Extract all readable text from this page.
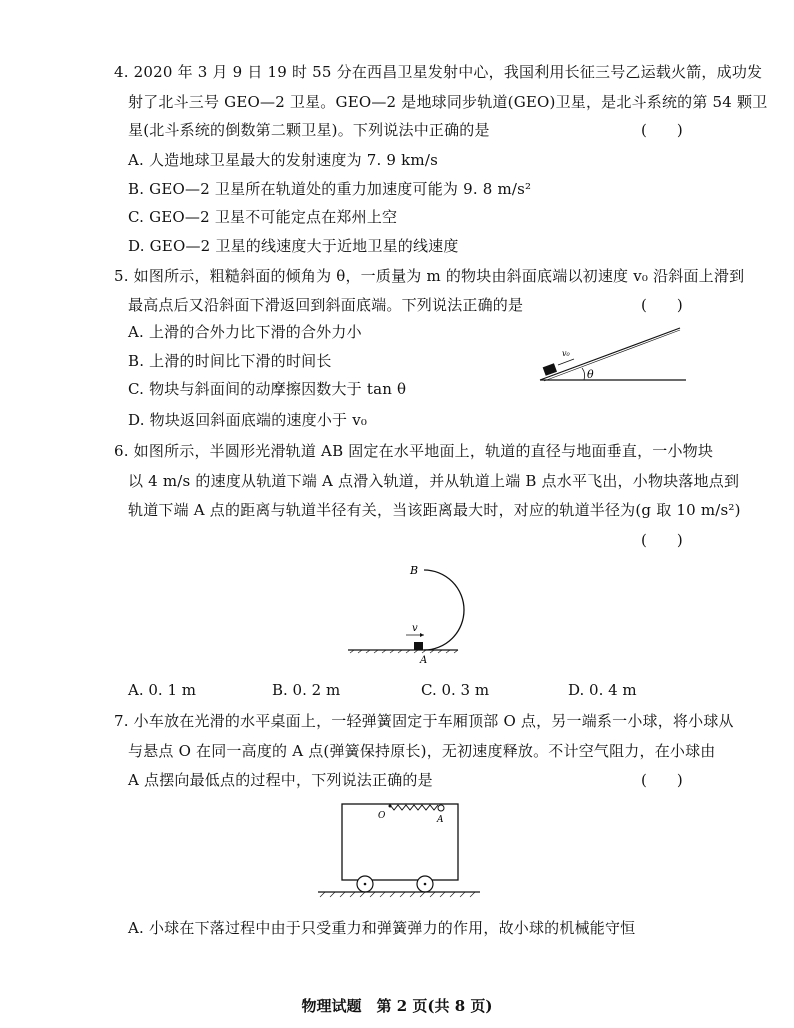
4. 2020 年 3 月 9 日 19 时 55 分在西昌卫星发射中心，我国利用长征三号乙运载火箭，成功发
射了北斗三号 GEO—2 卫星。GEO—2 是地球同步轨道(GEO)卫星，是北斗系统的第 54 颗卫
星(北斗系统的倒数第二颗卫星)。下列说法中正确的是	(　　)
A. 人造地球卫星最大的发射速度为 7. 9 km/s
B. GEO—2 卫星所在轨道处的重力加速度可能为 9. 8 m/s²
C. GEO—2 卫星不可能定点在郑州上空
D. GEO—2 卫星的线速度大于近地卫星的线速度
5. 如图所示，粗糙斜面的倾角为 θ，一质量为 m 的物块由斜面底端以初速度 v₀ 沿斜面上滑到
最高点后又沿斜面下滑返回到斜面底端。下列说法正确的是	(　　)
A. 上滑的合外力比下滑的合外力小
B. 上滑的时间比下滑的时间长
C. 物块与斜面间的动摩擦因数大于 tan θ
D. 物块返回斜面底端的速度小于 v₀
v₀
θ
6. 如图所示，半圆形光滑轨道 AB 固定在水平地面上，轨道的直径与地面垂直，一小物块
以 4 m/s 的速度从轨道下端 A 点滑入轨道，并从轨道上端 B 点水平飞出，小物块落地点到
轨道下端 A 点的距离与轨道半径有关，当该距离最大时，对应的轨道半径为(g 取 10 m/s²)
(　　)
v
B
A
A. 0. 1 m	B. 0. 2 m	C. 0. 3 m	D. 0. 4 m
7. 小车放在光滑的水平桌面上，一轻弹簧固定于车厢顶部 O 点，另一端系一小球，将小球从
与悬点 O 在同一高度的 A 点(弹簧保持原长)，无初速度释放。不计空气阻力，在小球由
A 点摆向最低点的过程中，下列说法正确的是	(　　)
O	A
A. 小球在下落过程中由于只受重力和弹簧弹力的作用，故小球的机械能守恒
物理试题　第 2 页(共 8 页)
